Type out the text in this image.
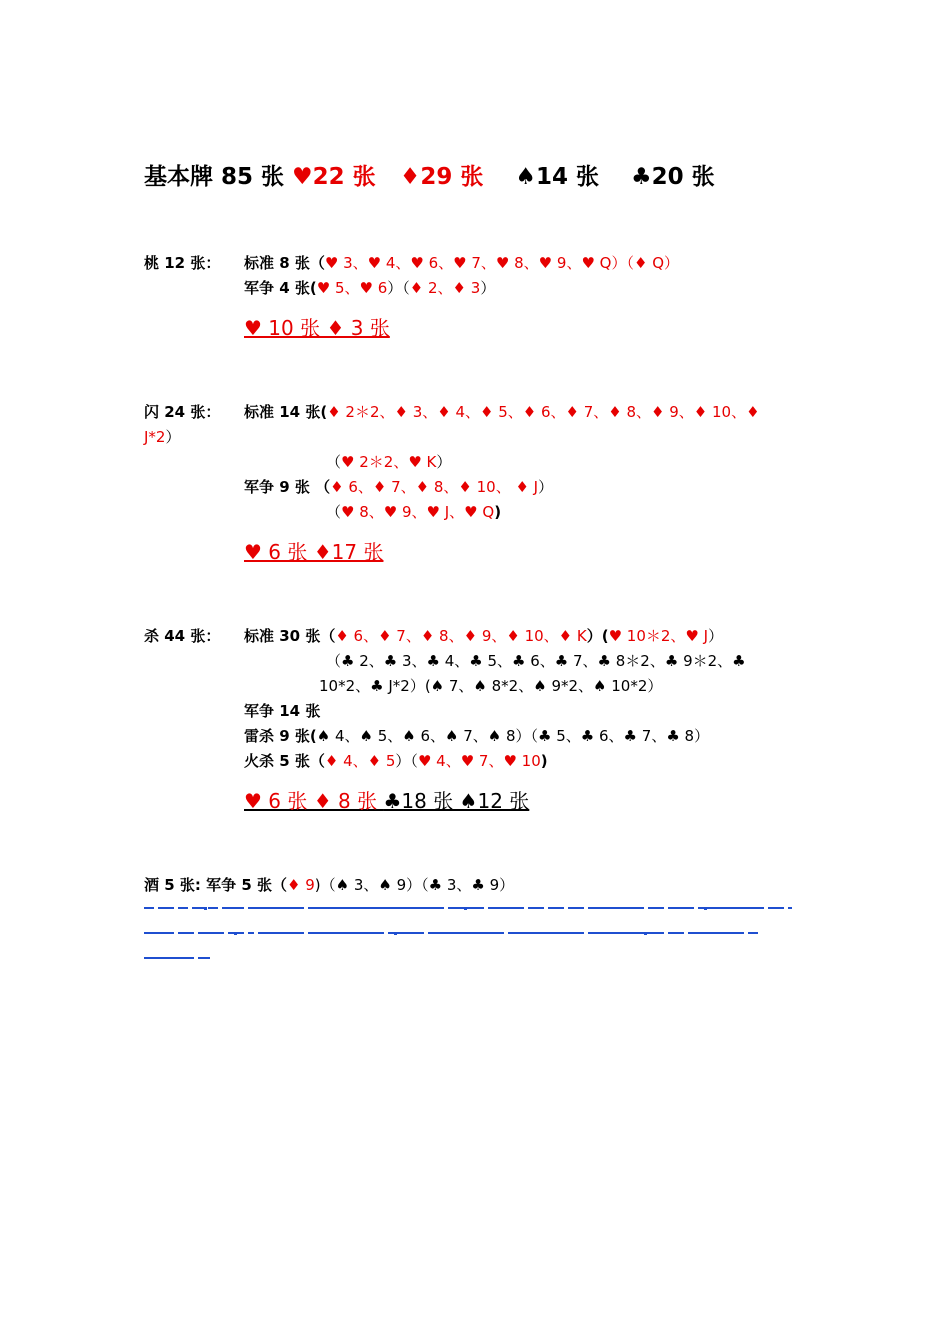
基本牌 85 张 ♥22 张 ♦29 张 ♠14 张 ♣20 张
桃 12 张： 标准 8 张（♥ 3、♥ 4、♥ 6、♥ 7、♥ 8、♥ 9、♥ Q）（♦ Q）
军争 4 张(♥ 5、♥ 6）（♦ 2、♦ 3）
♥ 10 张 ♦ 3 张
闪 24 张： 标准 14 张(♦ 2＊2、♦ 3、♦ 4、♦ 5、♦ 6、♦ 7、♦ 8、♦ 9、♦ 10、♦
J*2）
（♥ 2＊2、♥ K）
军争 9 张 （♦ 6、♦ 7、♦ 8、♦ 10、 ♦ J）
（♥ 8、♥ 9、♥ J、♥ Q)
♥ 6 张 ♦17 张
杀 44 张： 标准 30 张（♦ 6、♦ 7、♦ 8、♦ 9、♦ 10、♦ K）(♥ 10＊2、♥ J）
（♣ 2、♣ 3、♣ 4、♣ 5、♣ 6、♣ 7、♣ 8＊2、♣ 9＊2、♣
10*2、♣ J*2）(♠ 7、♠ 8*2、♠ 9*2、♠ 10*2）
军争 14 张
雷杀 9 张(♠ 4、♠ 5、♠ 6、♠ 7、♠ 8）（♣ 5、♣ 6、♣ 7、♣ 8）
火杀 5 张（♦ 4、♦ 5）（♥ 4、♥ 7、♥ 10)
♥ 6 张 ♦ 8 张 ♣18 张 ♠12 张
酒 5 张: 军争 5 张（♦ 9)（♠ 3、♠ 9）（♣ 3、♣ 9）
